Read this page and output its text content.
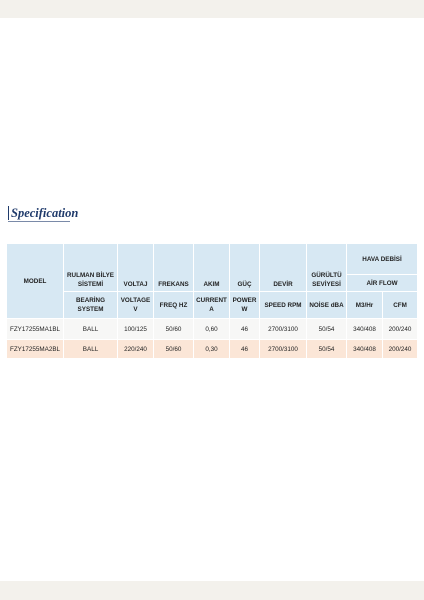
Specification
MODEL	RULMAN BİLYE SİSTEMİ	VOLTAJ	FREKANS	AKIM	GÜÇ	DEVİR	GÜRÜLTÜ SEVİYESİ	HAVA DEBİSİ	
								AİR FLOW	
	BEARİNG SYSTEM	VOLTAGE V	FREQ HZ	CURRENT A	POWER W	SPEED RPM	NOİSE dBA	M3/Hr	CFM
FZY17255MA1BL	BALL	100/125	50/60	0,60	46	2700/3100	50/54	340/408	200/240
FZY17255MA2BL	BALL	220/240	50/60	0,30	46	2700/3100	50/54	340/408	200/240
